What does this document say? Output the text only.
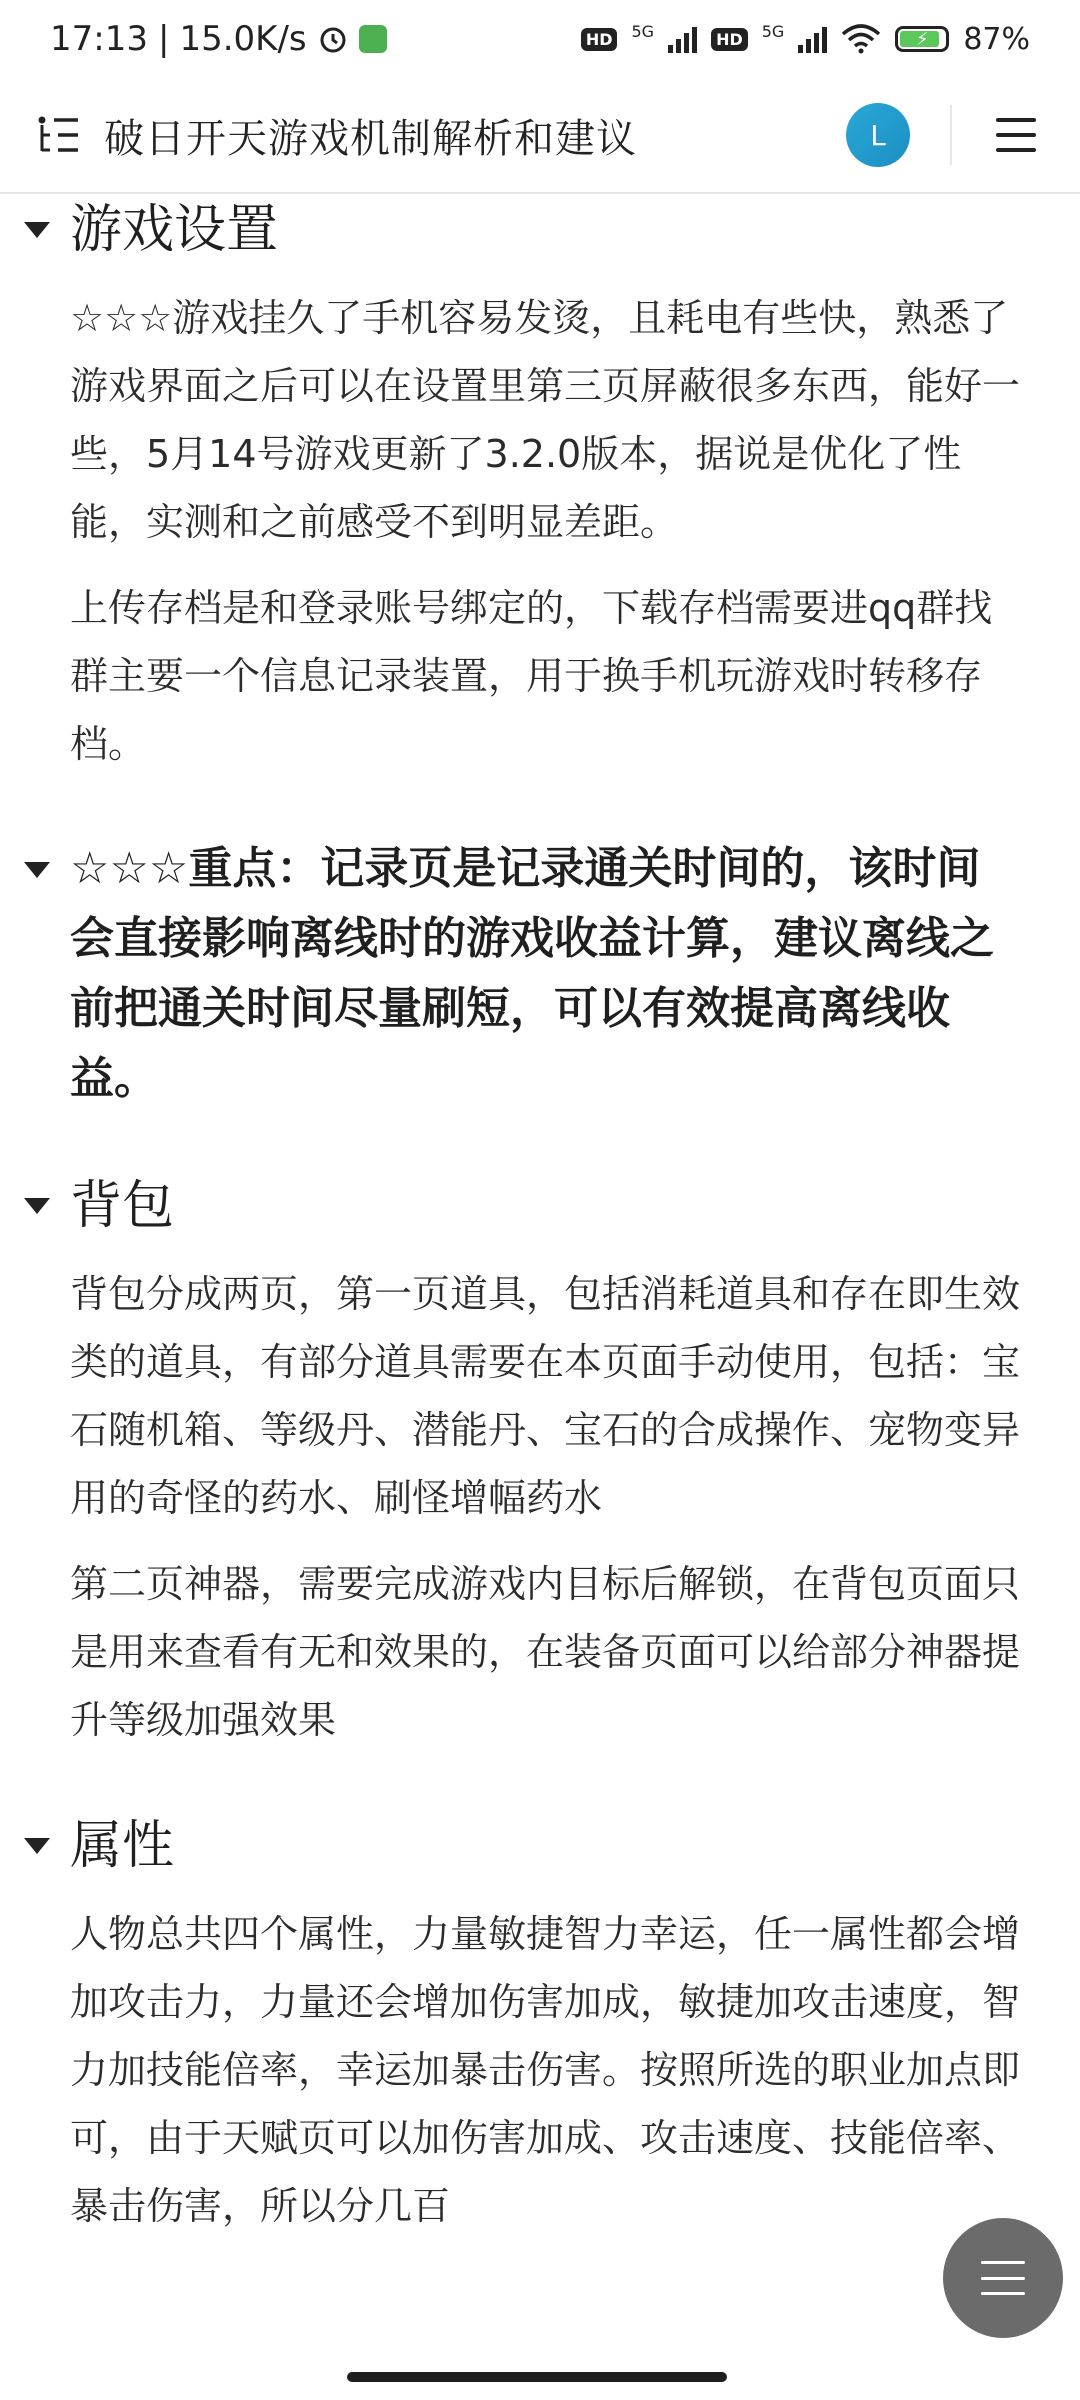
17:13 | 15.0K/s	HD	5G	HD	5G	⚡ 87%
破日开天游戏机制解析和建议	L
游戏设置

☆☆☆游戏挂久了手机容易发烫，且耗电有些快，熟悉了游戏界面之后可以在设置里第三页屏蔽很多东西，能好一些，5月14号游戏更新了3.2.0版本，据说是优化了性能，实测和之前感受不到明显差距。

上传存档是和登录账号绑定的，下载存档需要进qq群找群主要一个信息记录装置，用于换手机玩游戏时转移存档。

☆☆☆重点：记录页是记录通关时间的，该时间会直接影响离线时的游戏收益计算，建议离线之前把通关时间尽量刷短，可以有效提高离线收益。
背包

背包分成两页，第一页道具，包括消耗道具和存在即生效类的道具，有部分道具需要在本页面手动使用，包括：宝石随机箱、等级丹、潜能丹、宝石的合成操作、宠物变异用的奇怪的药水、刷怪增幅药水

第二页神器，需要完成游戏内目标后解锁，在背包页面只是用来查看有无和效果的，在装备页面可以给部分神器提升等级加强效果

属性

人物总共四个属性，力量敏捷智力幸运，任一属性都会增加攻击力，力量还会增加伤害加成，敏捷加攻击速度，智力加技能倍率，幸运加暴击伤害。按照所选的职业加点即可，由于天赋页可以加伤害加成、攻击速度、技能倍率、暴击伤害，所以分几百
